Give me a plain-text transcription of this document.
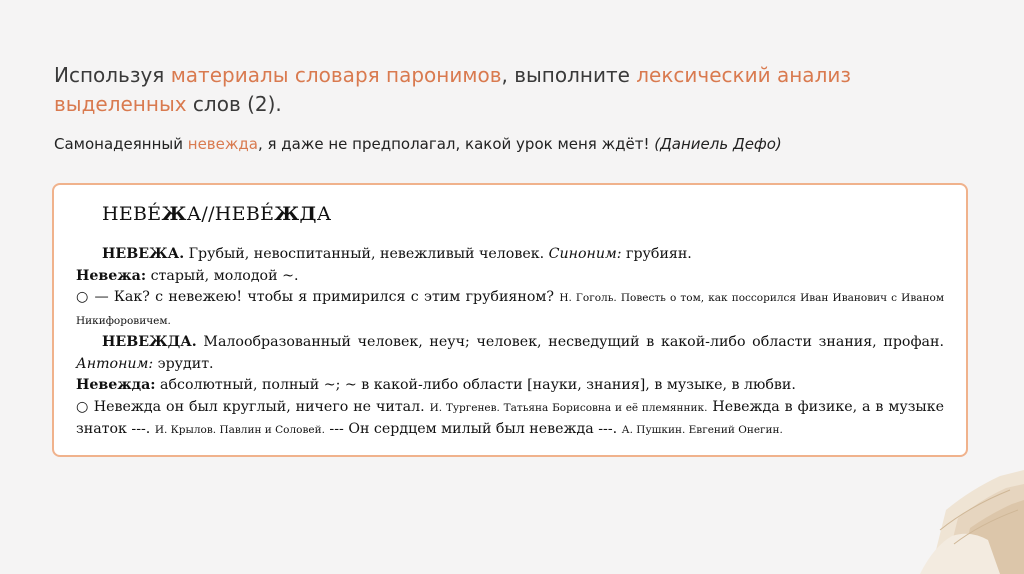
Используя материалы словаря паронимов, выполните лексический анализ выделенных слов (2).
Самонадеянный невежда, я даже не предполагал, какой урок меня ждёт! (Даниель Дефо)
НЕВÉЖА//НЕВÉЖДА

НЕВЕЖА. Грубый, невоспитанный, невежливый человек. Синоним: грубиян.

Невежа: старый, молодой ~.

○ — Как? с невежею! чтобы я примирился с этим грубияном? Н. Гоголь. Повесть о том, как поссорился Иван Иванович с Иваном Никифоровичем.

НЕВЕЖДА. Малообразованный человек, неуч; человек, несведущий в какой-либо области знания, профан. Антоним: эрудит.

Невежда: абсолютный, полный ~; ~ в какой-либо области [науки, знания], в музыке, в любви.

○ Невежда он был круглый, ничего не читал. И. Тургенев. Татьяна Борисовна и её племянник. Невежда в физике, а в музыке знаток ‑‑‑. И. Крылов. Павлин и Соловей. ‑‑‑ Он сердцем милый был невежда ‑‑‑. А. Пушкин. Евгений Онегин.
